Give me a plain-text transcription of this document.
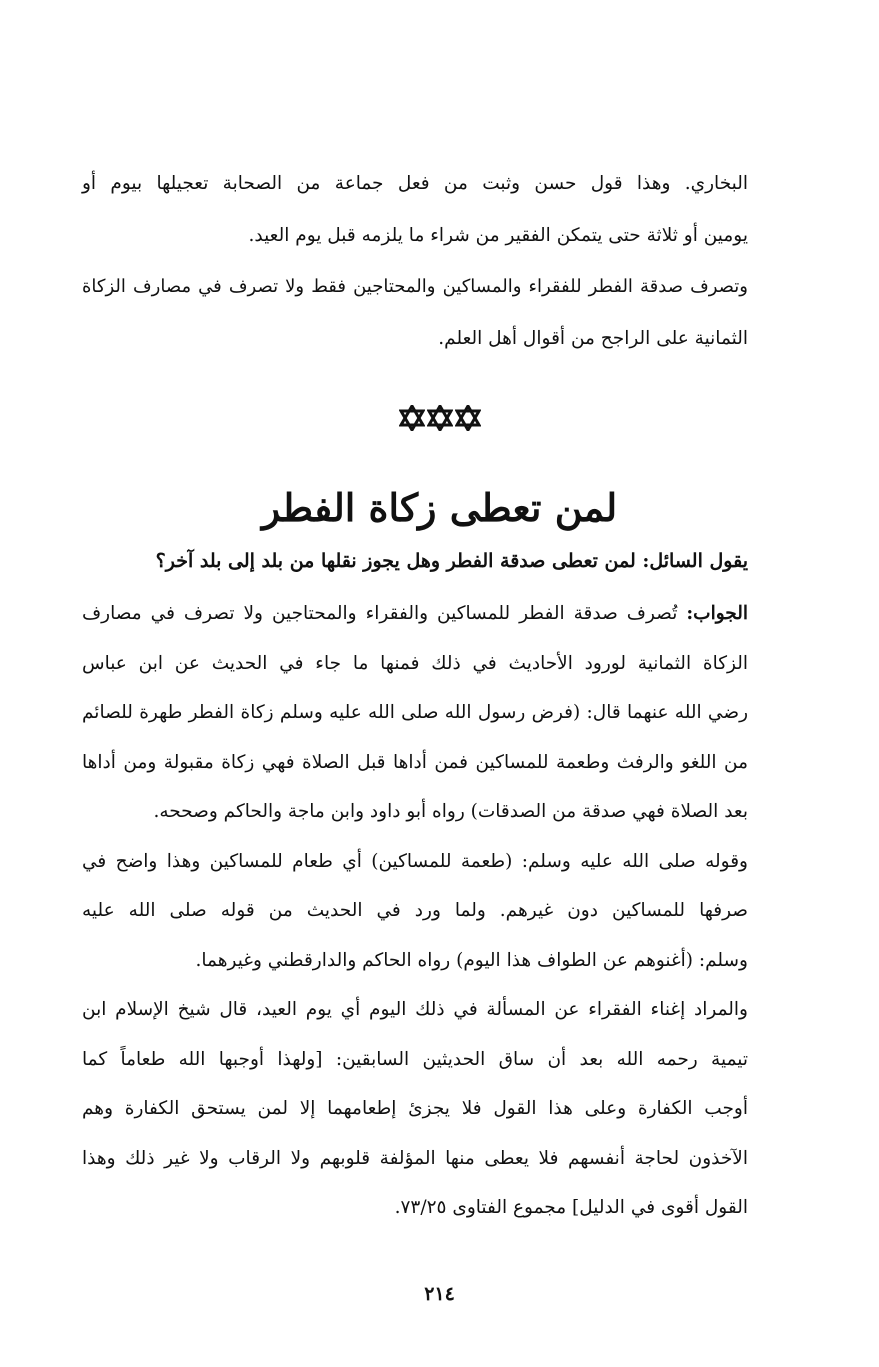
البخاري. وهذا قول حسن وثبت من فعل جماعة من الصحابة تعجيلها بيوم أو
يومين أو ثلاثة حتى يتمكن الفقير من شراء ما يلزمه قبل يوم العيد.
وتصرف صدقة الفطر للفقراء والمساكين والمحتاجين فقط ولا تصرف في مصارف الزكاة
الثمانية على الراجح من أقوال أهل العلم.
لمن تعطى زكاة الفطر
يقول السائل: لمن تعطى صدقة الفطر وهل يجوز نقلها من بلد إلى بلد آخر؟
الجواب: تُصرف صدقة الفطر للمساكين والفقراء والمحتاجين ولا تصرف في مصارف
الزكاة الثمانية لورود الأحاديث في ذلك فمنها ما جاء في الحديث عن ابن عباس
رضي الله عنهما قال: (فرض رسول الله صلى الله عليه وسلم زكاة الفطر طهرة للصائم
من اللغو والرفث وطعمة للمساكين فمن أداها قبل الصلاة فهي زكاة مقبولة ومن أداها
بعد الصلاة فهي صدقة من الصدقات) رواه أبو داود وابن ماجة والحاكم وصححه.
وقوله صلى الله عليه وسلم: (طعمة للمساكين) أي طعام للمساكين وهذا واضح في
صرفها للمساكين دون غيرهم. ولما ورد في الحديث من قوله صلى الله عليه
وسلم: (أغنوهم عن الطواف هذا اليوم) رواه الحاكم والدارقطني وغيرهما.
والمراد إغناء الفقراء عن المسألة في ذلك اليوم أي يوم العيد، قال شيخ الإسلام ابن
تيمية رحمه الله بعد أن ساق الحديثين السابقين: [ولهذا أوجبها الله طعاماً كما
أوجب الكفارة وعلى هذا القول فلا يجزئ إطعامهما إلا لمن يستحق الكفارة وهم
الآخذون لحاجة أنفسهم فلا يعطى منها المؤلفة قلوبهم ولا الرقاب ولا غير ذلك وهذا
القول أقوى في الدليل] مجموع الفتاوى ٧٣/٢٥.
٢١٤
